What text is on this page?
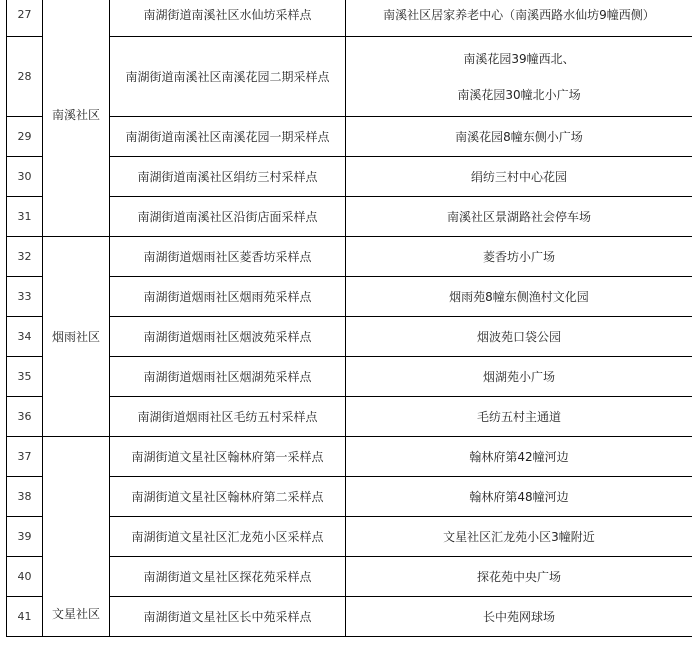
27	南溪社区	南湖街道南溪社区水仙坊采样点	南溪社区居家养老中心（南溪西路水仙坊9幢西侧）
28		南湖街道南溪社区南溪花园二期采样点	南溪花园39幢西北、
南溪花园30幢北小广场

29		南湖街道南溪社区南溪花园一期采样点	南溪花园8幢东侧小广场
30		南湖街道南溪社区绢纺三村采样点	绢纺三村中心花园
31		南湖街道南溪社区沿街店面采样点	南溪社区景湖路社会停车场
32	烟雨社区	南湖街道烟雨社区菱香坊采样点	菱香坊小广场
33		南湖街道烟雨社区烟雨苑采样点	烟雨苑8幢东侧渔村文化园
34		南湖街道烟雨社区烟波苑采样点	烟波苑口袋公园
35		南湖街道烟雨社区烟湖苑采样点	烟湖苑小广场
36		南湖街道烟雨社区毛纺五村采样点	毛纺五村主通道
37	文星社区	南湖街道文星社区翰林府第一采样点	翰林府第42幢河边
38		南湖街道文星社区翰林府第二采样点	翰林府第48幢河边
39		南湖街道文星社区汇龙苑小区采样点	文星社区汇龙苑小区3幢附近
40		南湖街道文星社区探花苑采样点	探花苑中央广场
41		南湖街道文星社区长中苑采样点	长中苑网球场
